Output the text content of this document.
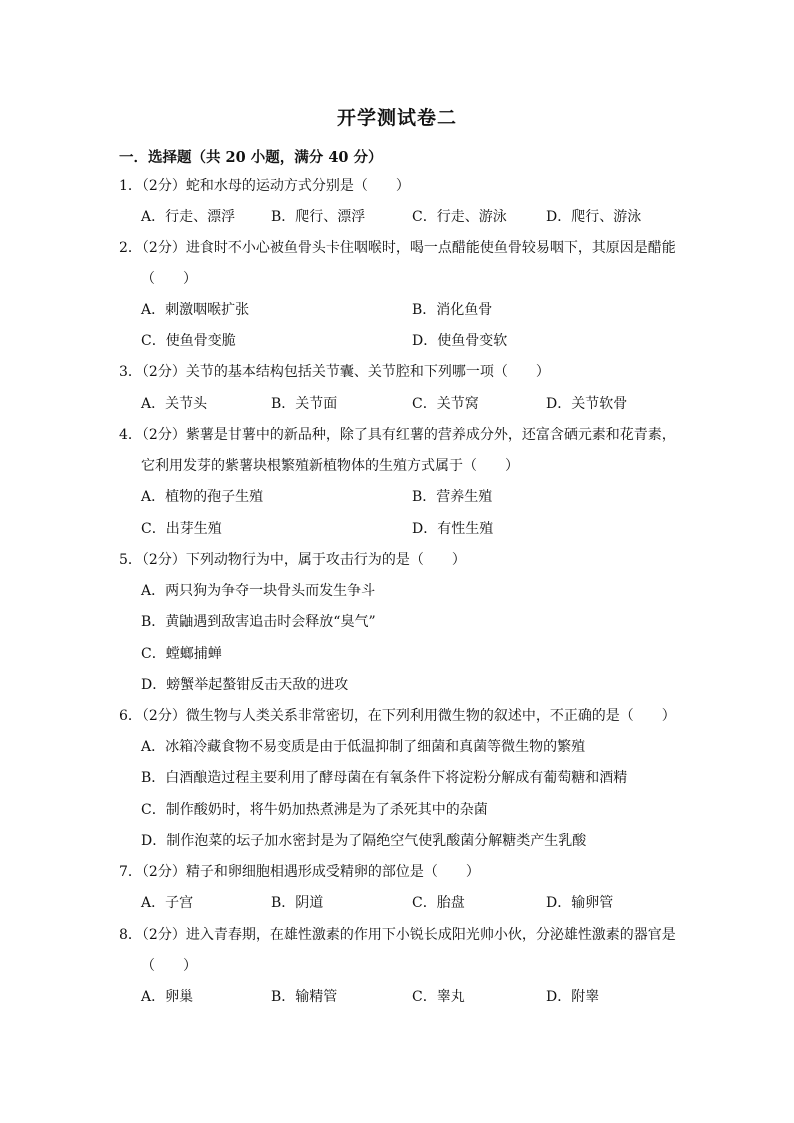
开学测试卷二
一．选择题（共 20 小题，满分 40 分）
1．（2分）蛇和水母的运动方式分别是（　　）
A．行走、漂浮	B．爬行、漂浮	C．行走、游泳	D．爬行、游泳
2．（2分）进食时不小心被鱼骨头卡住咽喉时，喝一点醋能使鱼骨较易咽下，其原因是醋能
（　　）
A．刺激咽喉扩张	B．消化鱼骨
C．使鱼骨变脆	D．使鱼骨变软
3．（2分）关节的基本结构包括关节囊、关节腔和下列哪一项（　　）
A．关节头	B．关节面	C．关节窝	D．关节软骨
4．（2分）紫薯是甘薯中的新品种，除了具有红薯的营养成分外，还富含硒元素和花青素，
它利用发芽的紫薯块根繁殖新植物体的生殖方式属于（　　）
A．植物的孢子生殖	B．营养生殖
C．出芽生殖	D．有性生殖
5．（2分）下列动物行为中，属于攻击行为的是（　　）
A．两只狗为争夺一块骨头而发生争斗
B．黄鼬遇到敌害追击时会释放“臭气”
C．螳螂捕蝉
D．螃蟹举起螯钳反击天敌的进攻
6．（2分）微生物与人类关系非常密切，在下列利用微生物的叙述中，不正确的是（　　）
A．冰箱冷藏食物不易变质是由于低温抑制了细菌和真菌等微生物的繁殖
B．白酒酿造过程主要利用了酵母菌在有氧条件下将淀粉分解成有葡萄糖和酒精
C．制作酸奶时，将牛奶加热煮沸是为了杀死其中的杂菌
D．制作泡菜的坛子加水密封是为了隔绝空气使乳酸菌分解糖类产生乳酸
7．（2分）精子和卵细胞相遇形成受精卵的部位是（　　）
A．子宫	B．阴道	C．胎盘	D．输卵管
8．（2分）进入青春期，在雄性激素的作用下小锐长成阳光帅小伙，分泌雄性激素的器官是
（　　）
A．卵巢	B．输精管	C．睾丸	D．附睾
